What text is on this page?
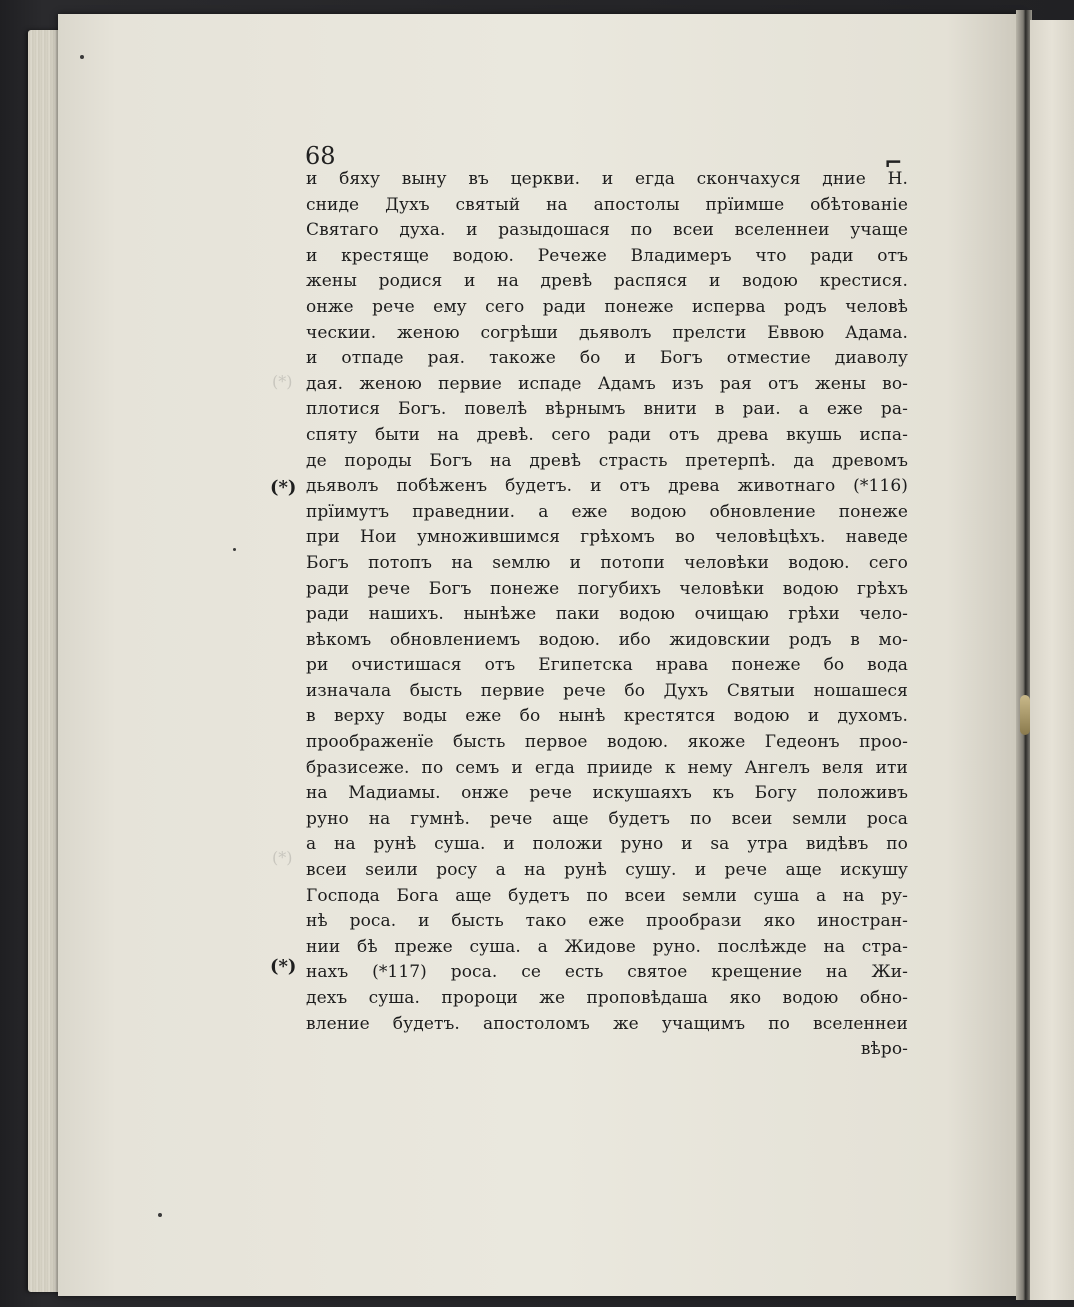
(*)
(*)
68	⌐
(*)
(*)
и бяху выну въ церкви. и егда скончахуся дние Н.
сниде Духъ святый на апостолы прїимше обѣтованiе
Святаго духа. и разыдошася по всеи вселеннеи учаще
и крестяще водою. Речеже Владимеръ что ради отъ
жены родися и на древѣ распяся и водою крестися.
онже рече ему сего ради понеже испервa родъ человѣ
ческии. женою согрѣши дьяволъ прелсти Еввою Адама.
и отпаде рая. такоже бо и Богъ отместие диаволу
дая. женою первие испаде Адамъ изъ рая отъ жены во-
плотися Богъ. повелѣ вѣрнымъ внити в раи. а еже ра-
спяту быти на древѣ. сего ради отъ древа вкушь испа-
де породы Богъ на древѣ страсть претерпѣ. да древомъ
дьяволъ побѣженъ будетъ. и отъ древа животнаго (*116)
прїимутъ праведнии. а еже водою обновление понеже
при Нои умножившимся грѣхомъ во человѣцѣхъ. наведе
Богъ потопъ на ѕемлю и потопи человѣки водою. сего
ради рече Богъ понеже погубихъ человѣки водою грѣхъ
ради нашихъ. нынѣже паки водою очищаю грѣхи чело-
вѣкомъ обновлениемъ водою. ибо жидовскии родъ в мо-
ри очистишася отъ Египетска нрава понеже бо вода
изначала бысть первие рече бо Духъ Святыи ношашеся
в верху воды еже бо нынѣ крестятся водою и духомъ.
проображенїе бысть первое водою. якоже Гедеонъ проо-
бразисеже. по семъ и егда прииде к нему Ангелъ веля ити
на Мадиамы. онже рече искушаяхъ къ Богу положивъ
руно на гумнѣ. рече аще будетъ по всеи ѕемли роса
а на рунѣ суша. и положи руно и ѕа утра видѣвъ по
всеи ѕеили росу а на рунѣ сушу. и рече аще искушу
Господа Бога аще будетъ по всеи ѕемли суша а на ру-
нѣ роса. и бысть тако еже прообрази яко иностран-
нии бѣ преже суша. а Жидове руно. послѣжде на стра-
нахъ (*117) роса. се есть святое крещение на Жи-
дехъ суша. пророци же проповѣдаша яко водою обно-
вление будетъ. апостоломъ же учащимъ по вселеннеи
вѣро-
